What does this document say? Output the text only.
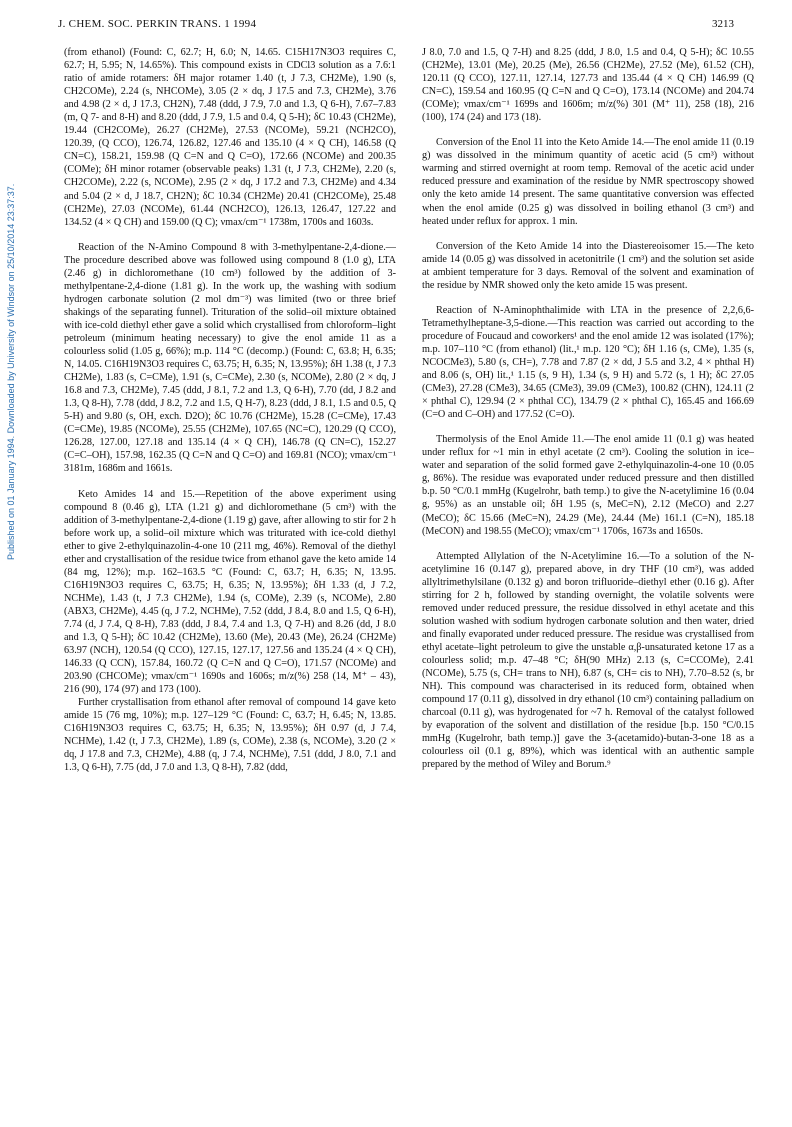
J. CHEM. SOC. PERKIN TRANS. 1 1994	3213
Published on 01 January 1994. Downloaded by University of Windsor on 25/10/2014 23:37:37.

(from ethanol) (Found: C, 62.7; H, 6.0; N, 14.65. C15H17N3O3 requires C, 62.7; H, 5.95; N, 14.65%). This compound exists in CDCl3 solution as a 7.6:1 ratio of amide rotamers: δH major rotamer 1.40 (t, J 7.3, CH2Me), 1.90 (s, CH2COMe), 2.24 (s, NHCOMe), 3.05 (2 × dq, J 17.5 and 7.3, CH2Me), 3.76 and 4.98 (2 × d, J 17.3, CH2N), 7.48 (ddd, J 7.9, 7.0 and 1.3, Q 6-H), 7.67–7.83 (m, Q 7- and 8-H) and 8.20 (ddd, J 7.9, 1.5 and 0.4, Q 5-H); δC 10.43 (CH2Me), 19.44 (CH2COMe), 26.27 (CH2Me), 27.53 (NCOMe), 59.21 (NCH2CO), 120.39, (Q CCO), 126.74, 126.82, 127.46 and 135.10 (4 × Q CH), 146.58 (Q CN=C), 158.21, 159.98 (Q C=N and Q C=O), 172.66 (NCOMe) and 200.35 (COMe); δH minor rotamer (observable peaks) 1.31 (t, J 7.3, CH2Me), 2.20 (s, CH2COMe), 2.22 (s, NCOMe), 2.95 (2 × dq, J 17.2 and 7.3, CH2Me) and 4.34 and 5.04 (2 × d, J 18.7, CH2N); δC 10.34 (CH2Me) 20.41 (CH2COMe), 25.48 (CH2Me), 27.03 (NCOMe), 61.44 (NCH2CO), 126.13, 126.47, 127.22 and 134.52 (4 × Q CH) and 159.00 (Q C); νmax/cm⁻¹ 1738m, 1700s and 1603s.

Reaction of the N-Amino Compound 8 with 3-methylpentane-2,4-dione.—The procedure described above was followed using compound 8 (1.0 g), LTA (2.46 g) in dichloromethane (10 cm³) followed by the addition of 3-methylpentane-2,4-dione (1.81 g). In the work up, the washing with sodium hydrogen carbonate solution (2 mol dm⁻³) was limited (two or three brief shakings of the separating funnel). Trituration of the solid–oil mixture obtained with ice-cold diethyl ether gave a solid which crystallised from chloroform–light petroleum (minimum heating necessary) to give the enol amide 11 as a colourless solid (1.05 g, 66%); m.p. 114 °C (decomp.) (Found: C, 63.8; H, 6.35; N, 14.05. C16H19N3O3 requires C, 63.75; H, 6.35; N, 13.95%); δH 1.38 (t, J 7.3 CH2Me), 1.83 (s, C=CMe), 1.91 (s, C=CMe), 2.30 (s, NCOMe), 2.80 (2 × dq, J 16.8 and 7.3, CH2Me), 7.45 (ddd, J 8.1, 7.2 and 1.3, Q 6-H), 7.70 (dd, J 8.2 and 1.3, Q 8-H), 7.78 (ddd, J 8.2, 7.2 and 1.5, Q H-7), 8.23 (ddd, J 8.1, 1.5 and 0.5, Q 5-H) and 9.80 (s, OH, exch. D2O); δC 10.76 (CH2Me), 15.28 (C=CMe), 17.43 (C=CMe), 19.85 (NCOMe), 25.55 (CH2Me), 107.65 (NC=C), 120.29 (Q CCO), 126.28, 127.00, 127.18 and 135.14 (4 × Q CH), 146.78 (Q CN=C), 152.27 (C=C–OH), 157.98, 162.35 (Q C=N and Q C=O) and 169.81 (NCO); νmax/cm⁻¹ 3181m, 1686m and 1661s.

Keto Amides 14 and 15.—Repetition of the above experiment using compound 8 (0.46 g), LTA (1.21 g) and dichloromethane (5 cm³) with the addition of 3-methylpentane-2,4-dione (1.19 g) gave, after allowing to stir for 2 h before work up, a solid–oil mixture which was triturated with ice-cold diethyl ether to give 2-ethylquinazolin-4-one 10 (211 mg, 46%). Removal of the diethyl ether and crystallisation of the residue twice from ethanol gave the keto amide 14 (84 mg, 12%); m.p. 162–163.5 °C (Found: C, 63.7; H, 6.35; N, 13.95. C16H19N3O3 requires C, 63.75; H, 6.35; N, 13.95%); δH 1.33 (d, J 7.2, NCHMe), 1.43 (t, J 7.3 CH2Me), 1.94 (s, COMe), 2.39 (s, NCOMe), 2.80 (ABX3, CH2Me), 4.45 (q, J 7.2, NCHMe), 7.52 (ddd, J 8.4, 8.0 and 1.5, Q 6-H), 7.74 (d, J 7.4, Q 8-H), 7.83 (ddd, J 8.4, 7.4 and 1.3, Q 7-H) and 8.26 (dd, J 8.0 and 1.3, Q 5-H); δC 10.42 (CH2Me), 13.60 (Me), 20.43 (Me), 26.24 (CH2Me) 63.97 (NCH), 120.54 (Q CCO), 127.15, 127.17, 127.56 and 135.24 (4 × Q CH), 146.33 (Q CCN), 157.84, 160.72 (Q C=N and Q C=O), 171.57 (NCOMe) and 203.90 (CHCOMe); νmax/cm⁻¹ 1690s and 1606s; m/z(%) 258 (14, M⁺ – 43), 216 (90), 174 (97) and 173 (100).

Further crystallisation from ethanol after removal of compound 14 gave keto amide 15 (76 mg, 10%); m.p. 127–129 °C (Found: C, 63.7; H, 6.45; N, 13.85. C16H19N3O3 requires C, 63.75; H, 6.35; N, 13.95%); δH 0.97 (d, J 7.4, NCHMe), 1.42 (t, J 7.3, CH2Me), 1.89 (s, COMe), 2.38 (s, NCOMe), 3.20 (2 × dq, J 17.8 and 7.3, CH2Me), 4.88 (q, J 7.4, NCHMe), 7.51 (ddd, J 8.0, 7.1 and 1.3, Q 6-H), 7.75 (dd, J 7.0 and 1.3, Q 8-H), 7.82 (ddd,

J 8.0, 7.0 and 1.5, Q 7-H) and 8.25 (ddd, J 8.0, 1.5 and 0.4, Q 5-H); δC 10.55 (CH2Me), 13.01 (Me), 20.25 (Me), 26.56 (CH2Me), 27.52 (Me), 61.52 (CH), 120.11 (Q CCO), 127.11, 127.14, 127.73 and 135.44 (4 × Q CH) 146.99 (Q CN=C), 159.54 and 160.95 (Q C=N and Q C=O), 173.14 (NCOMe) and 204.74 (COMe); νmax/cm⁻¹ 1699s and 1606m; m/z(%) 301 (M⁺ 11), 258 (18), 216 (100), 174 (24) and 173 (18).

Conversion of the Enol 11 into the Keto Amide 14.—The enol amide 11 (0.19 g) was dissolved in the minimum quantity of acetic acid (5 cm³) without warming and stirred overnight at room temp. Removal of the acetic acid under reduced pressure and examination of the residue by NMR spectroscopy showed only the keto amide 14 present. The same quantitative conversion was effected when the enol amide (0.25 g) was dissolved in boiling ethanol (3 cm³) and heated under reflux for approx. 1 min.

Conversion of the Keto Amide 14 into the Diastereoisomer 15.—The keto amide 14 (0.05 g) was dissolved in acetonitrile (1 cm³) and the solution set aside at ambient temperature for 3 days. Removal of the solvent and examination of the residue by NMR showed only the keto amide 15 was present.

Reaction of N-Aminophthalimide with LTA in the presence of 2,2,6,6-Tetramethylheptane-3,5-dione.—This reaction was carried out according to the procedure of Foucaud and coworkers¹ and the enol amide 12 was isolated (17%); m.p. 107–110 °C (from ethanol) (lit.,¹ m.p. 120 °C); δH 1.16 (s, CMe), 1.35 (s, NCOCMe3), 5.80 (s, CH=), 7.78 and 7.87 (2 × dd, J 5.5 and 3.2, 4 × phthal H) and 8.06 (s, OH) lit.,¹ 1.15 (s, 9 H), 1.34 (s, 9 H) and 5.72 (s, 1 H); δC 27.05 (CMe3), 27.28 (CMe3), 34.65 (CMe3), 39.09 (CMe3), 100.82 (CHN), 124.11 (2 × phthal C), 129.94 (2 × phthal CC), 134.79 (2 × phthal C), 165.45 and 166.69 (C=O and C–OH) and 177.52 (C=O).

Thermolysis of the Enol Amide 11.—The enol amide 11 (0.1 g) was heated under reflux for ~1 min in ethyl acetate (2 cm³). Cooling the solution in ice–water and separation of the solid formed gave 2-ethylquinazolin-4-one 10 (0.05 g, 86%). The residue was evaporated under reduced pressure and then distilled b.p. 50 °C/0.1 mmHg (Kugelrohr, bath temp.) to give the N-acetylimine 16 (0.04 g, 95%) as an unstable oil; δH 1.95 (s, MeC=N), 2.12 (MeCO) and 2.27 (MeCO); δC 15.66 (MeC=N), 24.29 (Me), 24.44 (Me) 161.1 (C=N), 185.18 (MeCON) and 198.55 (MeCO); νmax/cm⁻¹ 1706s, 1673s and 1650s.

Attempted Allylation of the N-Acetylimine 16.—To a solution of the N-acetylimine 16 (0.147 g), prepared above, in dry THF (10 cm³), was added allyltrimethylsilane (0.132 g) and boron trifluoride–diethyl ether (0.16 g). After stirring for 2 h, followed by standing overnight, the volatile solvents were removed under reduced pressure, the residue dissolved in ethyl acetate and this solution washed with sodium hydrogen carbonate solution and then water, dried and finally evaporated under reduced pressure. The residue was crystallised from ethyl acetate–light petroleum to give the unstable α,β-unsaturated ketone 17 as a colourless solid; m.p. 47–48 °C; δH(90 MHz) 2.13 (s, C=CCOMe), 2.41 (NCOMe), 5.75 (s, CH= trans to NH), 6.87 (s, CH= cis to NH), 7.70–8.52 (s, br NH). This compound was characterised in its reduced form, obtained when compound 17 (0.11 g), dissolved in dry ethanol (10 cm³) containing palladium on charcoal (0.11 g), was hydrogenated for ~7 h. Removal of the catalyst followed by evaporation of the solvent and distillation of the residue [b.p. 150 °C/0.15 mmHg (Kugelrohr, bath temp.)] gave the 3-(acetamido)-butan-3-one 18 as a colourless oil (0.1 g, 89%), which was identical with an authentic sample prepared by the method of Wiley and Borum.⁹
